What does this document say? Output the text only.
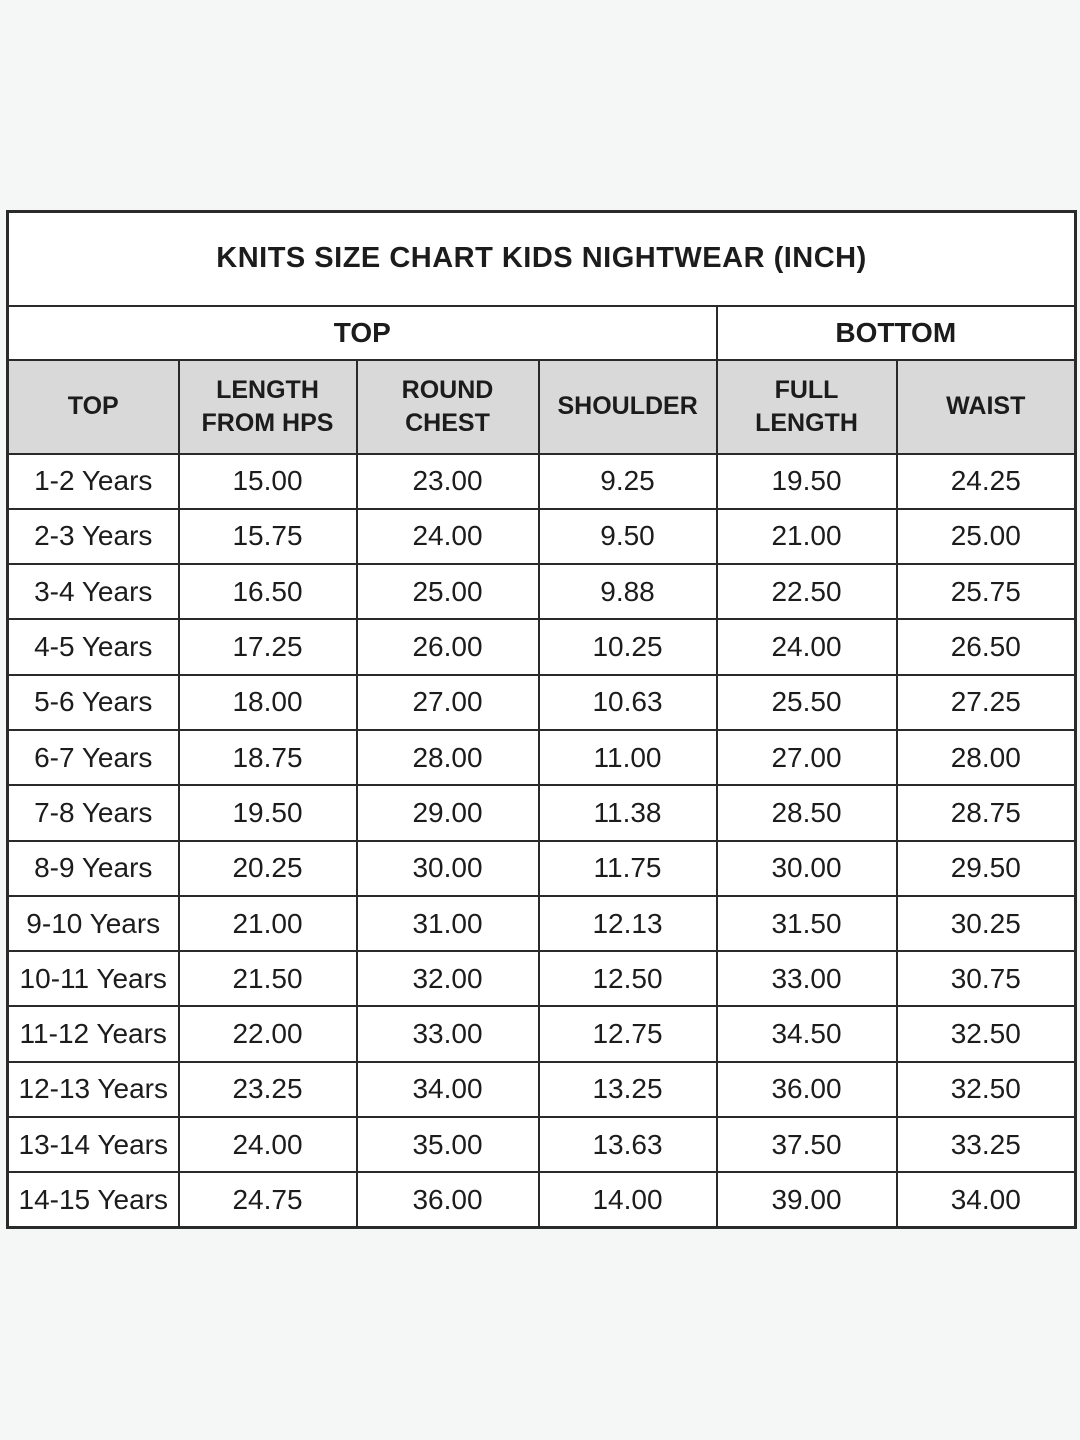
KNITS SIZE CHART KIDS NIGHTWEAR (INCH)					
TOP				BOTTOM	
TOP	LENGTH FROM HPS	ROUND CHEST	SHOULDER	FULL LENGTH	WAIST
1-2 Years	15.00	23.00	9.25	19.50	24.25
2-3 Years	15.75	24.00	9.50	21.00	25.00
3-4 Years	16.50	25.00	9.88	22.50	25.75
4-5 Years	17.25	26.00	10.25	24.00	26.50
5-6 Years	18.00	27.00	10.63	25.50	27.25
6-7 Years	18.75	28.00	11.00	27.00	28.00
7-8 Years	19.50	29.00	11.38	28.50	28.75
8-9 Years	20.25	30.00	11.75	30.00	29.50
9-10 Years	21.00	31.00	12.13	31.50	30.25
10-11 Years	21.50	32.00	12.50	33.00	30.75
11-12 Years	22.00	33.00	12.75	34.50	32.50
12-13 Years	23.25	34.00	13.25	36.00	32.50
13-14 Years	24.00	35.00	13.63	37.50	33.25
14-15 Years	24.75	36.00	14.00	39.00	34.00
